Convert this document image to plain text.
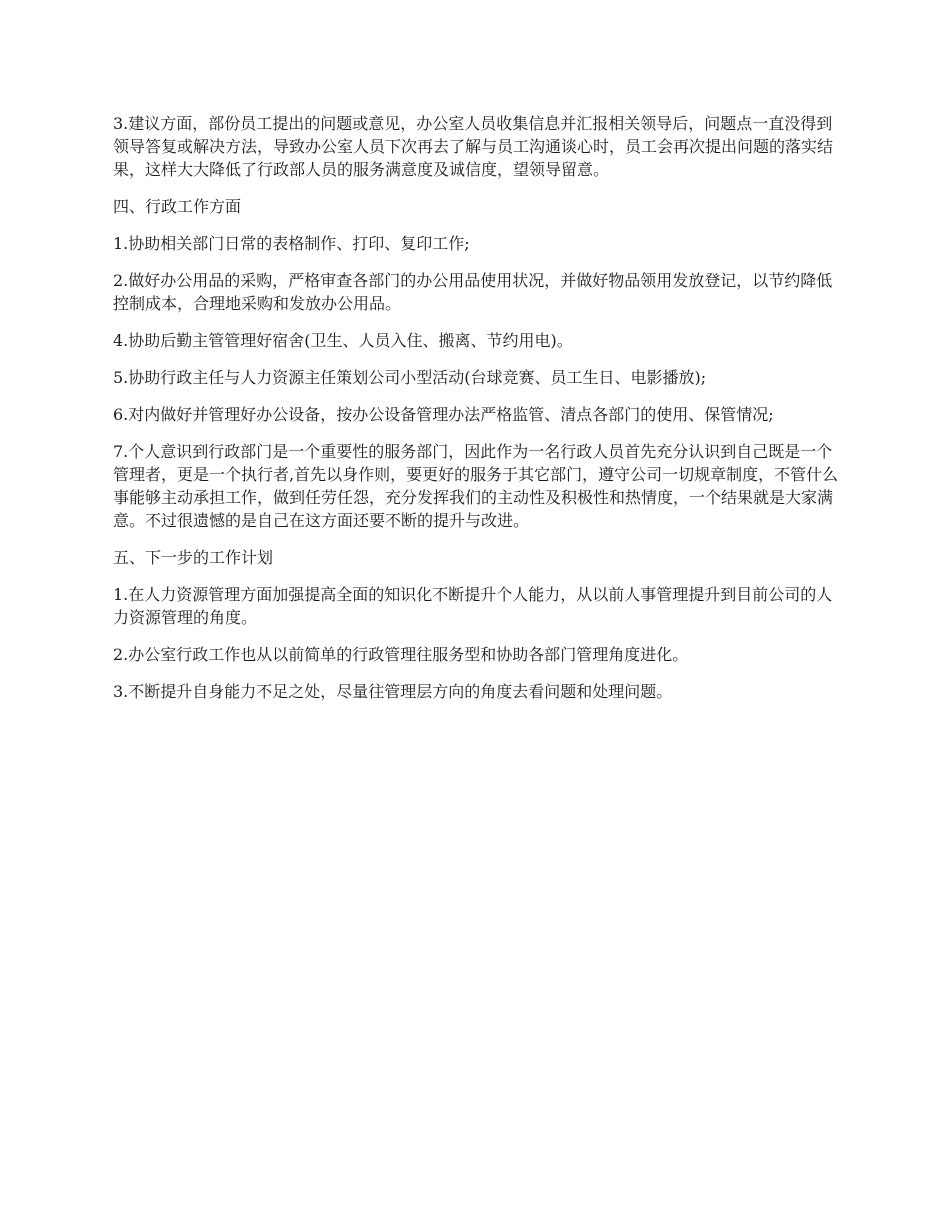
3.建议方面，部份员工提出的问题或意见，办公室人员收集信息并汇报相关领导后，问题点一直没得到领导答复或解决方法，导致办公室人员下次再去了解与员工沟通谈心时，员工会再次提出问题的落实结果，这样大大降低了行政部人员的服务满意度及诚信度，望领导留意。

四、行政工作方面

1.协助相关部门日常的表格制作、打印、复印工作;

2.做好办公用品的采购，严格审查各部门的办公用品使用状况，并做好物品领用发放登记，以节约降低控制成本，合理地采购和发放办公用品。

4.协助后勤主管管理好宿舍(卫生、人员入住、搬离、节约用电)。

5.协助行政主任与人力资源主任策划公司小型活动(台球竞赛、员工生日、电影播放);

6.对内做好并管理好办公设备，按办公设备管理办法严格监管、清点各部门的使用、保管情况;

7.个人意识到行政部门是一个重要性的服务部门，因此作为一名行政人员首先充分认识到自己既是一个管理者，更是一个执行者,首先以身作则，要更好的服务于其它部门，遵守公司一切规章制度，不管什么事能够主动承担工作，做到任劳任怨，充分发挥我们的主动性及积极性和热情度，一个结果就是大家满意。不过很遗憾的是自己在这方面还要不断的提升与改进。

五、下一步的工作计划

1.在人力资源管理方面加强提高全面的知识化不断提升个人能力，从以前人事管理提升到目前公司的人力资源管理的角度。

2.办公室行政工作也从以前简单的行政管理往服务型和协助各部门管理角度进化。

3.不断提升自身能力不足之处，尽量往管理层方向的角度去看问题和处理问题。
